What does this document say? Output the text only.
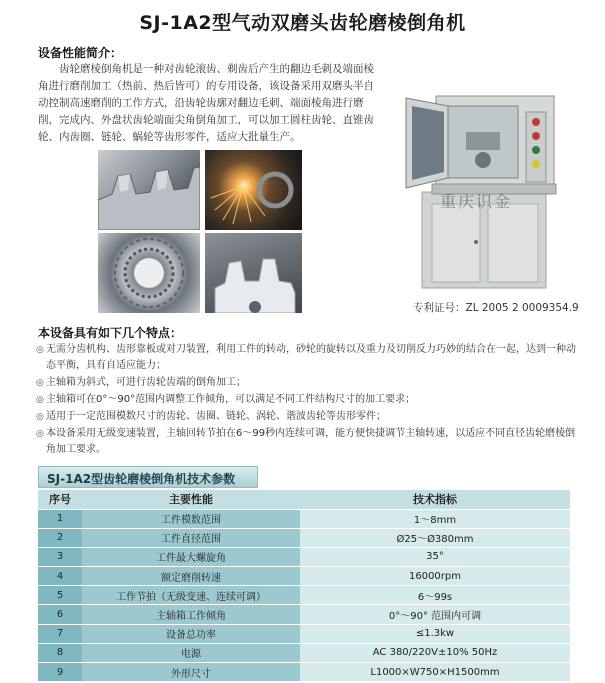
SJ-1A2型气动双磨头齿轮磨棱倒角机
设备性能简介：

齿轮磨棱倒角机是一种对齿轮滚齿、剃齿后产生的翻边毛刺及端面棱角进行磨削加工（热前、热后皆可）的专用设备，该设备采用双磨头半自动控制高速磨削的工作方式，沿齿轮齿廓对翻边毛刺、端面棱角进行磨削，完成内、外盘状齿轮端面尖角倒角加工，可以加工圆柱齿轮、直锥齿轮、内齿圈、链轮、蜗轮等齿形零件，适应大批量生产。

重庆识金
专利证号：ZL 2005 2 0009354.9
本设备具有如下几个特点：
◎ 无需分齿机构、齿形靠板或对刀装置，利用工件的转动，砂轮的旋转以及重力及切削反力巧妙的结合在一起，达到一种动态平衡，具有自适应能力；
◎ 主轴箱为斜式，可进行齿轮齿端的倒角加工；
◎ 主轴箱可在0°～90°范围内调整工作倾角，可以满足不同工件结构尺寸的加工要求；
◎ 适用于一定范围模数尺寸的齿轮、齿圈、链轮、涡轮、谐波齿轮等齿形零件；
◎ 本设备采用无级变速装置，主轴回转节拍在6～99秒内连续可调，能方便快捷调节主轴转速，以适应不同直径齿轮磨棱倒角加工要求。
SJ-1A2型齿轮磨棱倒角机技术参数
序号	主要性能	技术指标
1	工件模数范围	1～8mm
2	工件直径范围	Ø25～Ø380mm
3	工件最大螺旋角	35°
4	额定磨削转速	16000rpm
5	工作节拍（无级变速、连续可调）	6～99s
6	主轴箱工作倾角	0°～90° 范围内可调
7	设备总功率	≤1.3kw
8	电源	AC 380/220V±10% 50Hz
9	外形尺寸	L1000×W750×H1500mm
